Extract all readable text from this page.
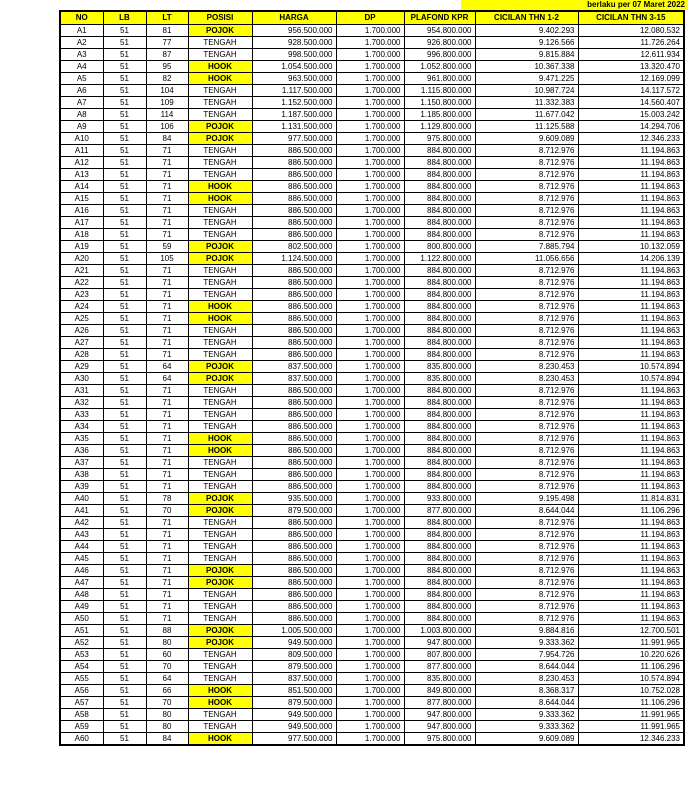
berlaku per 07 Maret 2022
NO	LB	LT	POSISI	HARGA	DP	PLAFOND KPR	CICILAN THN 1-2	CICILAN THN 3-15
A1	51	81	POJOK	956.500.000	1.700.000	954.800.000	9.402.293	12.080.532
A2	51	77	TENGAH	928.500.000	1.700.000	926.800.000	9.126.566	11.726.264
A3	51	87	TENGAH	998.500.000	1.700.000	996.800.000	9.815.884	12.611.934
A4	51	95	HOOK	1.054.500.000	1.700.000	1.052.800.000	10.367.338	13.320.470
A5	51	82	HOOK	963.500.000	1.700.000	961.800.000	9.471.225	12.169.099
A6	51	104	TENGAH	1.117.500.000	1.700.000	1.115.800.000	10.987.724	14.117.572
A7	51	109	TENGAH	1.152.500.000	1.700.000	1.150.800.000	11.332.383	14.560.407
A8	51	114	TENGAH	1.187.500.000	1.700.000	1.185.800.000	11.677.042	15.003.242
A9	51	106	POJOK	1.131.500.000	1.700.000	1.129.800.000	11.125.588	14.294.706
A10	51	84	POJOK	977.500.000	1.700.000	975.800.000	9.609.089	12.346.233
A11	51	71	TENGAH	886.500.000	1.700.000	884.800.000	8.712.976	11.194.863
A12	51	71	TENGAH	886.500.000	1.700.000	884.800.000	8.712.976	11.194.863
A13	51	71	TENGAH	886.500.000	1.700.000	884.800.000	8.712.976	11.194.863
A14	51	71	HOOK	886.500.000	1.700.000	884.800.000	8.712.976	11.194.863
A15	51	71	HOOK	886.500.000	1.700.000	884.800.000	8.712.976	11.194.863
A16	51	71	TENGAH	886.500.000	1.700.000	884.800.000	8.712.976	11.194.863
A17	51	71	TENGAH	886.500.000	1.700.000	884.800.000	8.712.976	11.194.863
A18	51	71	TENGAH	886.500.000	1.700.000	884.800.000	8.712.976	11.194.863
A19	51	59	POJOK	802.500.000	1.700.000	800.800.000	7.885.794	10.132.059
A20	51	105	POJOK	1.124.500.000	1.700.000	1.122.800.000	11.056.656	14.206.139
A21	51	71	TENGAH	886.500.000	1.700.000	884.800.000	8.712.976	11.194.863
A22	51	71	TENGAH	886.500.000	1.700.000	884.800.000	8.712.976	11.194.863
A23	51	71	TENGAH	886.500.000	1.700.000	884.800.000	8.712.976	11.194.863
A24	51	71	HOOK	886.500.000	1.700.000	884.800.000	8.712.976	11.194.863
A25	51	71	HOOK	886.500.000	1.700.000	884.800.000	8.712.976	11.194.863
A26	51	71	TENGAH	886.500.000	1.700.000	884.800.000	8.712.976	11.194.863
A27	51	71	TENGAH	886.500.000	1.700.000	884.800.000	8.712.976	11.194.863
A28	51	71	TENGAH	886.500.000	1.700.000	884.800.000	8.712.976	11.194.863
A29	51	64	POJOK	837.500.000	1.700.000	835.800.000	8.230.453	10.574.894
A30	51	64	POJOK	837.500.000	1.700.000	835.800.000	8.230.453	10.574.894
A31	51	71	TENGAH	886.500.000	1.700.000	884.800.000	8.712.976	11.194.863
A32	51	71	TENGAH	886.500.000	1.700.000	884.800.000	8.712.976	11.194.863
A33	51	71	TENGAH	886.500.000	1.700.000	884.800.000	8.712.976	11.194.863
A34	51	71	TENGAH	886.500.000	1.700.000	884.800.000	8.712.976	11.194.863
A35	51	71	HOOK	886.500.000	1.700.000	884.800.000	8.712.976	11.194.863
A36	51	71	HOOK	886.500.000	1.700.000	884.800.000	8.712.976	11.194.863
A37	51	71	TENGAH	886.500.000	1.700.000	884.800.000	8.712.976	11.194.863
A38	51	71	TENGAH	886.500.000	1.700.000	884.800.000	8.712.976	11.194.863
A39	51	71	TENGAH	886.500.000	1.700.000	884.800.000	8.712.976	11.194.863
A40	51	78	POJOK	935.500.000	1.700.000	933.800.000	9.195.498	11.814.831
A41	51	70	POJOK	879.500.000	1.700.000	877.800.000	8.644.044	11.106.296
A42	51	71	TENGAH	886.500.000	1.700.000	884.800.000	8.712.976	11.194.863
A43	51	71	TENGAH	886.500.000	1.700.000	884.800.000	8.712.976	11.194.863
A44	51	71	TENGAH	886.500.000	1.700.000	884.800.000	8.712.976	11.194.863
A45	51	71	TENGAH	886.500.000	1.700.000	884.800.000	8.712.976	11.194.863
A46	51	71	POJOK	886.500.000	1.700.000	884.800.000	8.712.976	11.194.863
A47	51	71	POJOK	886.500.000	1.700.000	884.800.000	8.712.976	11.194.863
A48	51	71	TENGAH	886.500.000	1.700.000	884.800.000	8.712.976	11.194.863
A49	51	71	TENGAH	886.500.000	1.700.000	884.800.000	8.712.976	11.194.863
A50	51	71	TENGAH	886.500.000	1.700.000	884.800.000	8.712.976	11.194.863
A51	51	88	POJOK	1.005.500.000	1.700.000	1.003.800.000	9.884.816	12.700.501
A52	51	80	POJOK	949.500.000	1.700.000	947.800.000	9.333.362	11.991.965
A53	51	60	TENGAH	809.500.000	1.700.000	807.800.000	7.954.726	10.220.626
A54	51	70	TENGAH	879.500.000	1.700.000	877.800.000	8.644.044	11.106.296
A55	51	64	TENGAH	837.500.000	1.700.000	835.800.000	8.230.453	10.574.894
A56	51	66	HOOK	851.500.000	1.700.000	849.800.000	8.368.317	10.752.028
A57	51	70	HOOK	879.500.000	1.700.000	877.800.000	8.644.044	11.106.296
A58	51	80	TENGAH	949.500.000	1.700.000	947.800.000	9.333.362	11.991.965
A59	51	80	TENGAH	949.500.000	1.700.000	947.800.000	9.333.362	11.991.965
A60	51	84	HOOK	977.500.000	1.700.000	975.800.000	9.609.089	12.346.233
